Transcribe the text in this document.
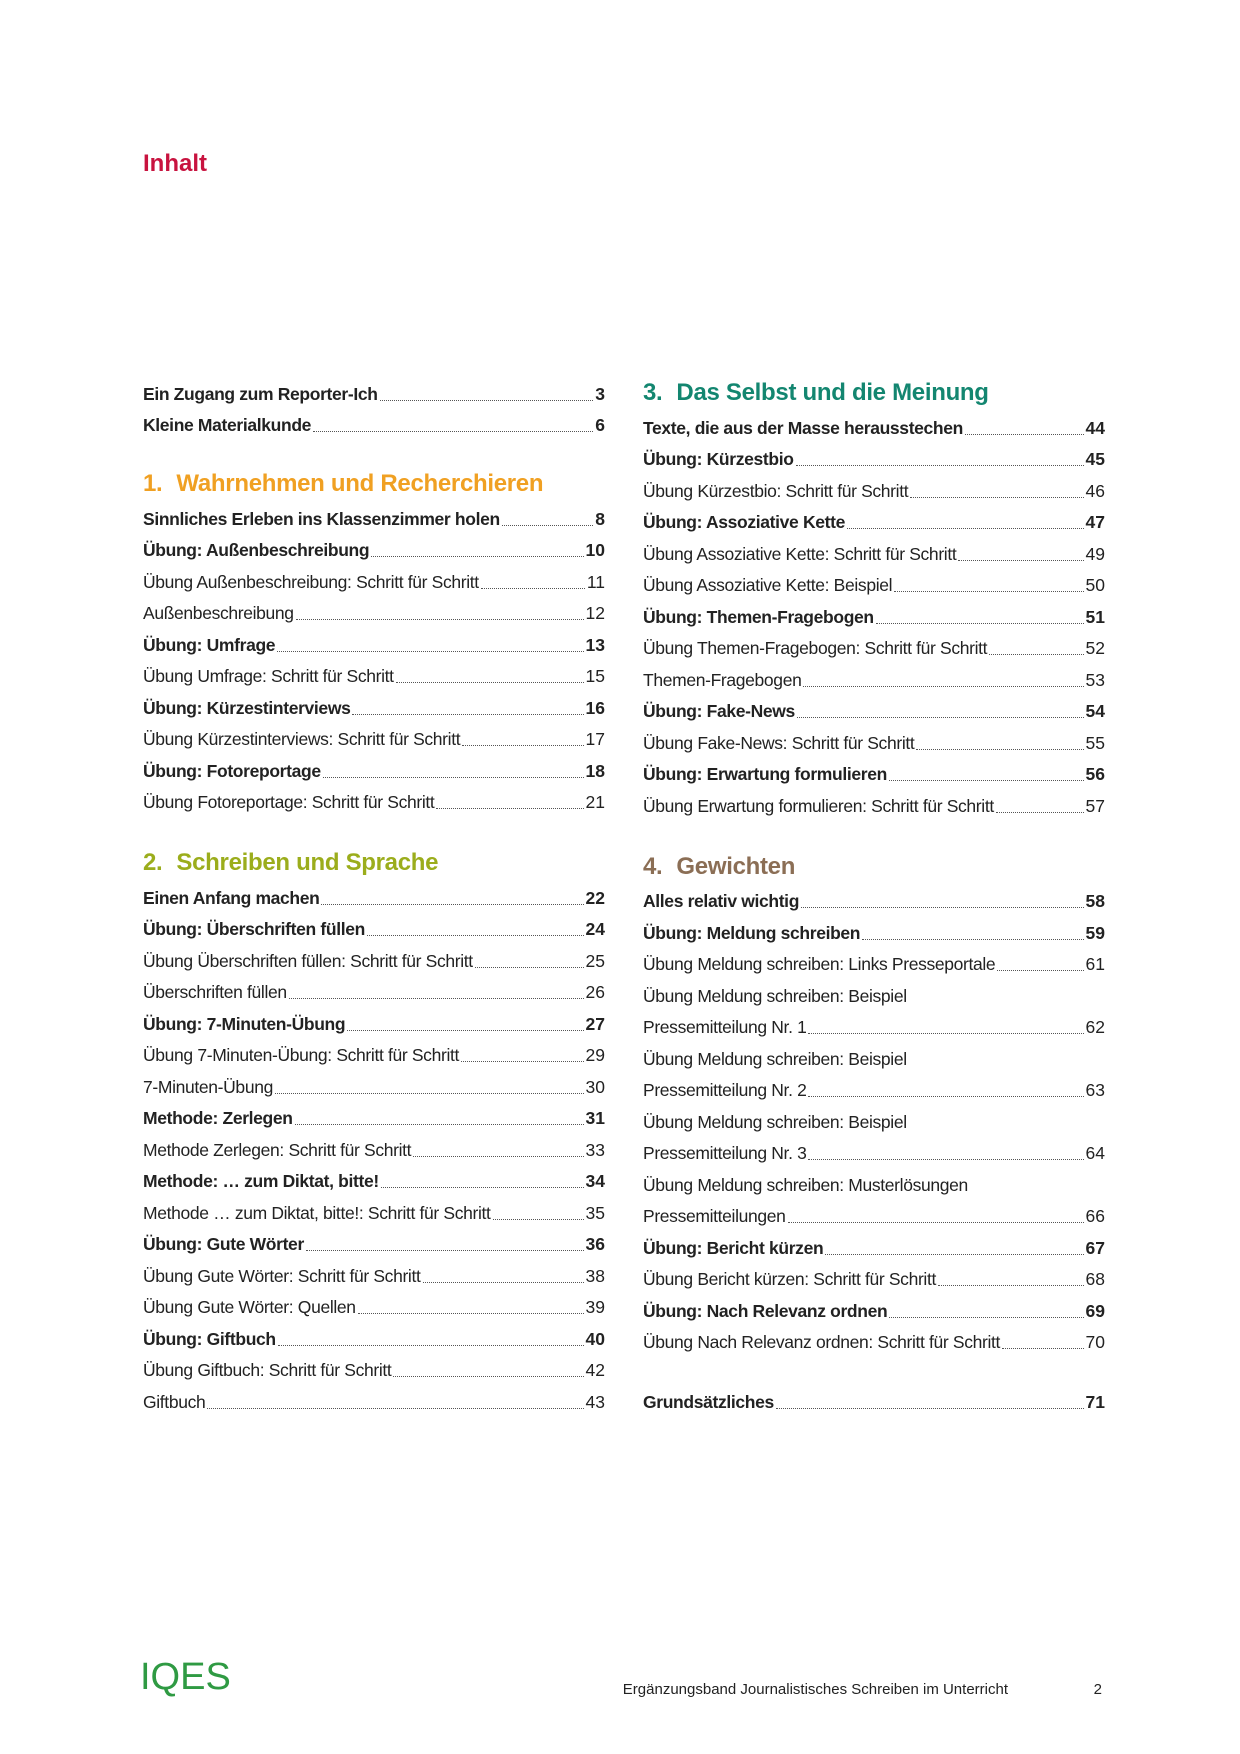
Inhalt
Ein Zugang zum Reporter-Ich	3
Kleine Materialkunde	6
1. Wahrnehmen und Recherchieren
Sinnliches Erleben ins Klassenzimmer holen	8
Übung: Außenbeschreibung	10
Übung Außenbeschreibung: Schritt für Schritt	11
Außenbeschreibung	12
Übung: Umfrage	13
Übung Umfrage: Schritt für Schritt	15
Übung: Kürzestinterviews	16
Übung Kürzestinterviews: Schritt für Schritt	17
Übung: Fotoreportage	18
Übung Fotoreportage: Schritt für Schritt	21
2. Schreiben und Sprache
Einen Anfang machen	22
Übung: Überschriften füllen	24
Übung Überschriften füllen: Schritt für Schritt	25
Überschriften füllen	26
Übung: 7-Minuten-Übung	27
Übung 7-Minuten-Übung: Schritt für Schritt	29
7-Minuten-Übung	30
Methode: Zerlegen	31
Methode Zerlegen: Schritt für Schritt	33
Methode: … zum Diktat, bitte!	34
Methode … zum Diktat, bitte!: Schritt für Schritt	35
Übung: Gute Wörter	36
Übung Gute Wörter: Schritt für Schritt	38
Übung Gute Wörter: Quellen	39
Übung: Giftbuch	40
Übung Giftbuch: Schritt für Schritt	42
Giftbuch	43
3. Das Selbst und die Meinung
Texte, die aus der Masse herausstechen	44
Übung: Kürzestbio	45
Übung Kürzestbio: Schritt für Schritt	46
Übung: Assoziative Kette	47
Übung Assoziative Kette: Schritt für Schritt	49
Übung Assoziative Kette: Beispiel	50
Übung: Themen-Fragebogen	51
Übung Themen-Fragebogen: Schritt für Schritt	52
Themen-Fragebogen	53
Übung: Fake-News	54
Übung Fake-News: Schritt für Schritt	55
Übung: Erwartung formulieren	56
Übung Erwartung formulieren: Schritt für Schritt	57
4. Gewichten
Alles relativ wichtig	58
Übung: Meldung schreiben	59
Übung Meldung schreiben: Links Presseportale	61
Übung Meldung schreiben: Beispiel
Pressemitteilung Nr. 1	62
Übung Meldung schreiben: Beispiel
Pressemitteilung Nr. 2	63
Übung Meldung schreiben: Beispiel
Pressemitteilung Nr. 3	64
Übung Meldung schreiben: Musterlösungen
Pressemitteilungen	66
Übung: Bericht kürzen	67
Übung Bericht kürzen: Schritt für Schritt	68
Übung: Nach Relevanz ordnen	69
Übung Nach Relevanz ordnen: Schritt für Schritt	70
Grundsätzliches	71
IQES	Ergänzungsband Journalistisches Schreiben im Unterricht	2
